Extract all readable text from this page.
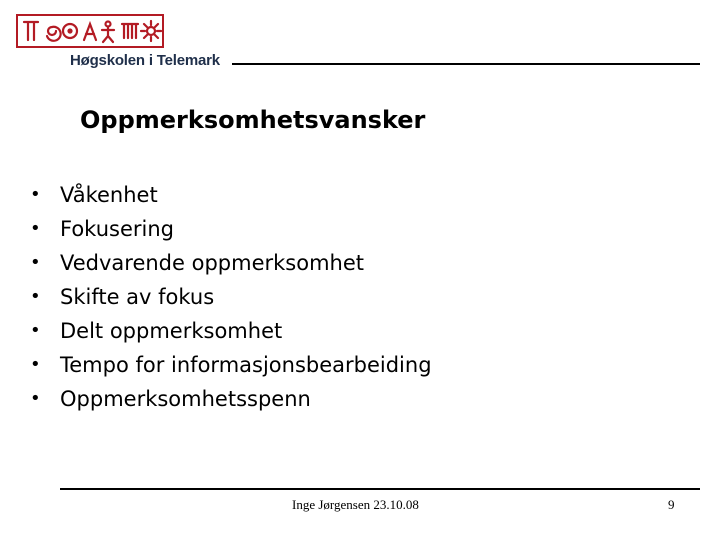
Høgskolen i Telemark
Oppmerksomhetsvansker
• Våkenhet
• Fokusering
• Vedvarende oppmerksomhet
• Skifte av fokus
• Delt oppmerksomhet
• Tempo for informasjonsbearbeiding
• Oppmerksomhetsspenn
Inge Jørgensen 23.10.08	9
